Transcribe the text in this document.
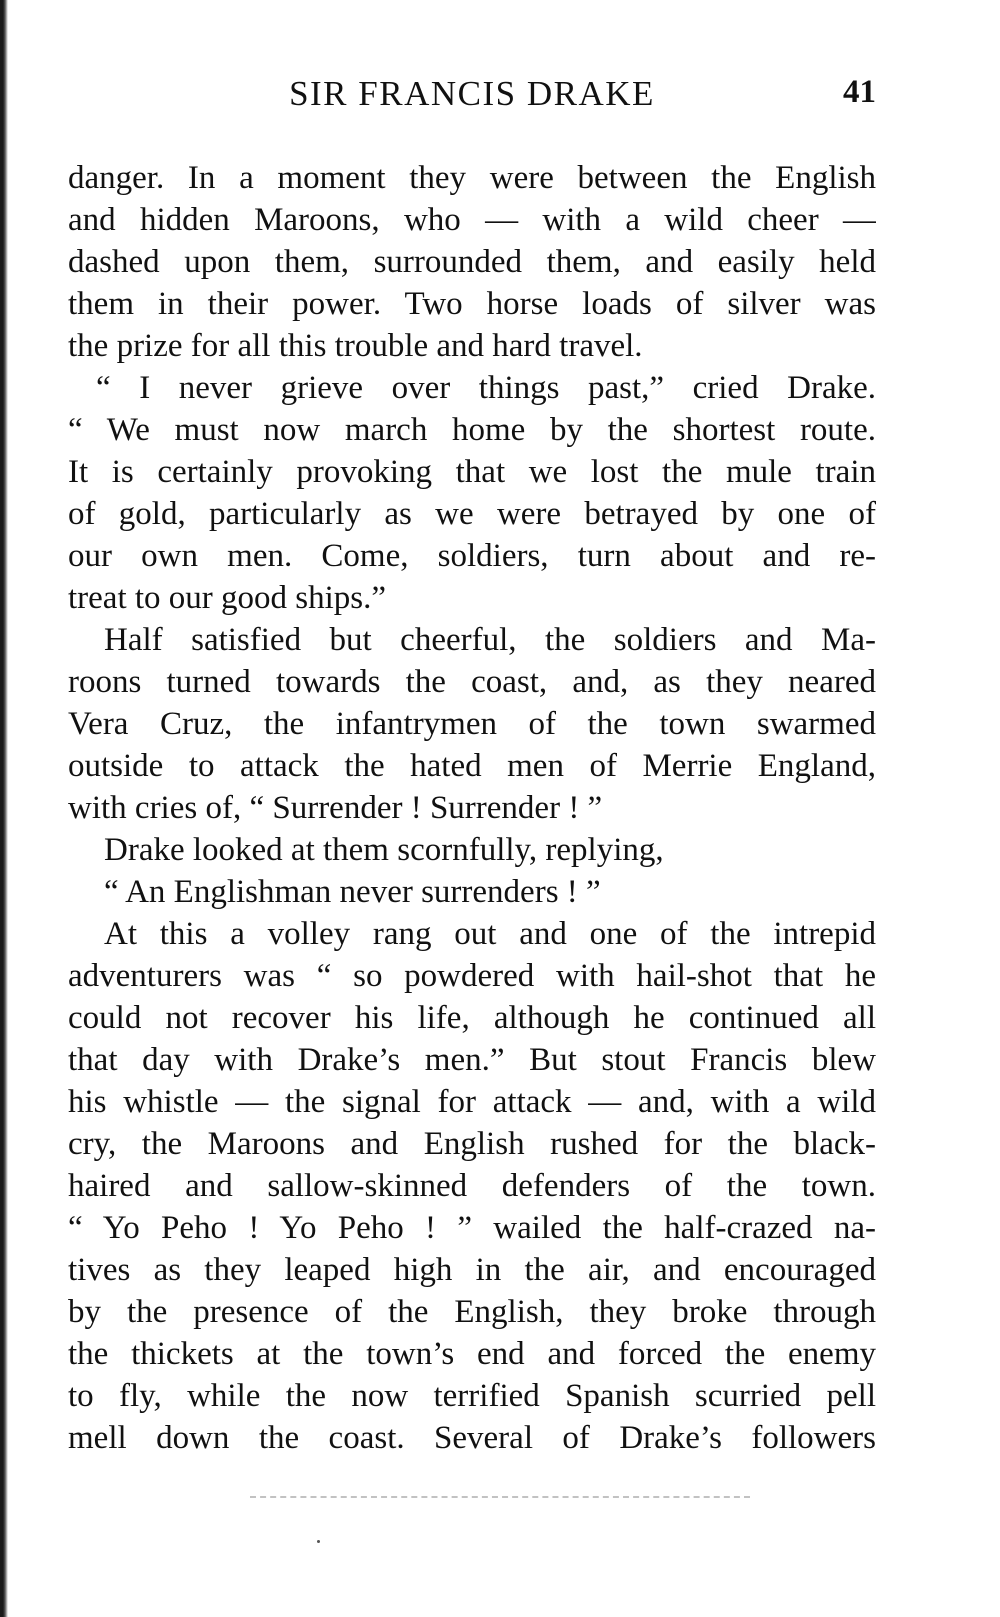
SIR FRANCIS DRAKE	41
danger. In a moment they were between the English
and hidden Maroons, who — with a wild cheer —
dashed upon them, surrounded them, and easily held
them in their power. Two horse loads of silver was
the prize for all this trouble and hard travel.
“ I never grieve over things past,” cried Drake.
“ We must now march home by the shortest route.
It is certainly provoking that we lost the mule train
of gold, particularly as we were betrayed by one of
our own men. Come, soldiers, turn about and re-
treat to our good ships.”
Half satisfied but cheerful, the soldiers and Ma-
roons turned towards the coast, and, as they neared
Vera Cruz, the infantrymen of the town swarmed
outside to attack the hated men of Merrie England,
with cries of, “ Surrender ! Surrender ! ”
Drake looked at them scornfully, replying,
“ An Englishman never surrenders ! ”
At this a volley rang out and one of the intrepid
adventurers was “ so powdered with hail-shot that he
could not recover his life, although he continued all
that day with Drake’s men.” But stout Francis blew
his whistle — the signal for attack — and, with a wild
cry, the Maroons and English rushed for the black-
haired and sallow-skinned defenders of the town.
“ Yo Peho ! Yo Peho ! ” wailed the half-crazed na-
tives as they leaped high in the air, and encouraged
by the presence of the English, they broke through
the thickets at the town’s end and forced the enemy
to fly, while the now terrified Spanish scurried pell
mell down the coast. Several of Drake’s followers
